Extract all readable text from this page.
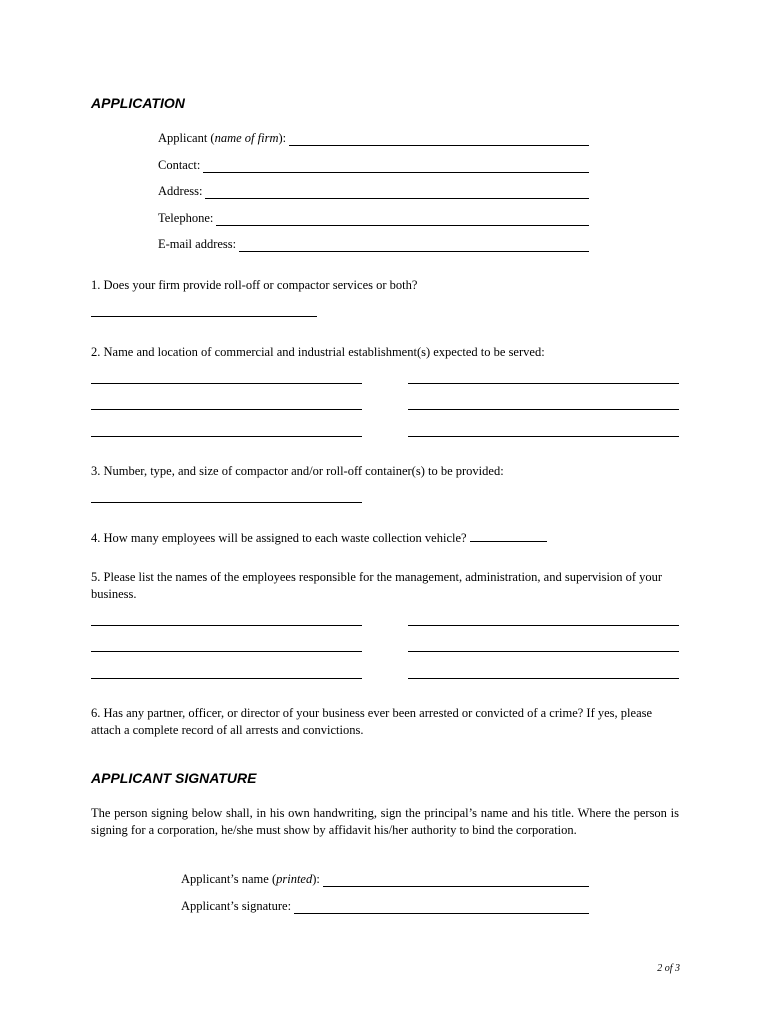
APPLICATION
Applicant (name of firm):
Contact:
Address:
Telephone:
E-mail address:
1. Does your firm provide roll-off or compactor services or both?
2. Name and location of commercial and industrial establishment(s) expected to be served:
3. Number, type, and size of compactor and/or roll-off container(s) to be provided:
4. How many employees will be assigned to each waste collection vehicle?
5. Please list the names of the employees responsible for the management, administration, and supervision of your business.
6. Has any partner, officer, or director of your business ever been arrested or convicted of a crime? If yes, please attach a complete record of all arrests and convictions.
APPLICANT SIGNATURE
The person signing below shall, in his own handwriting, sign the principal’s name and his title. Where the person is signing for a corporation, he/she must show by affidavit his/her authority to bind the corporation.
Applicant’s name (printed):
Applicant’s signature:
2 of 3
